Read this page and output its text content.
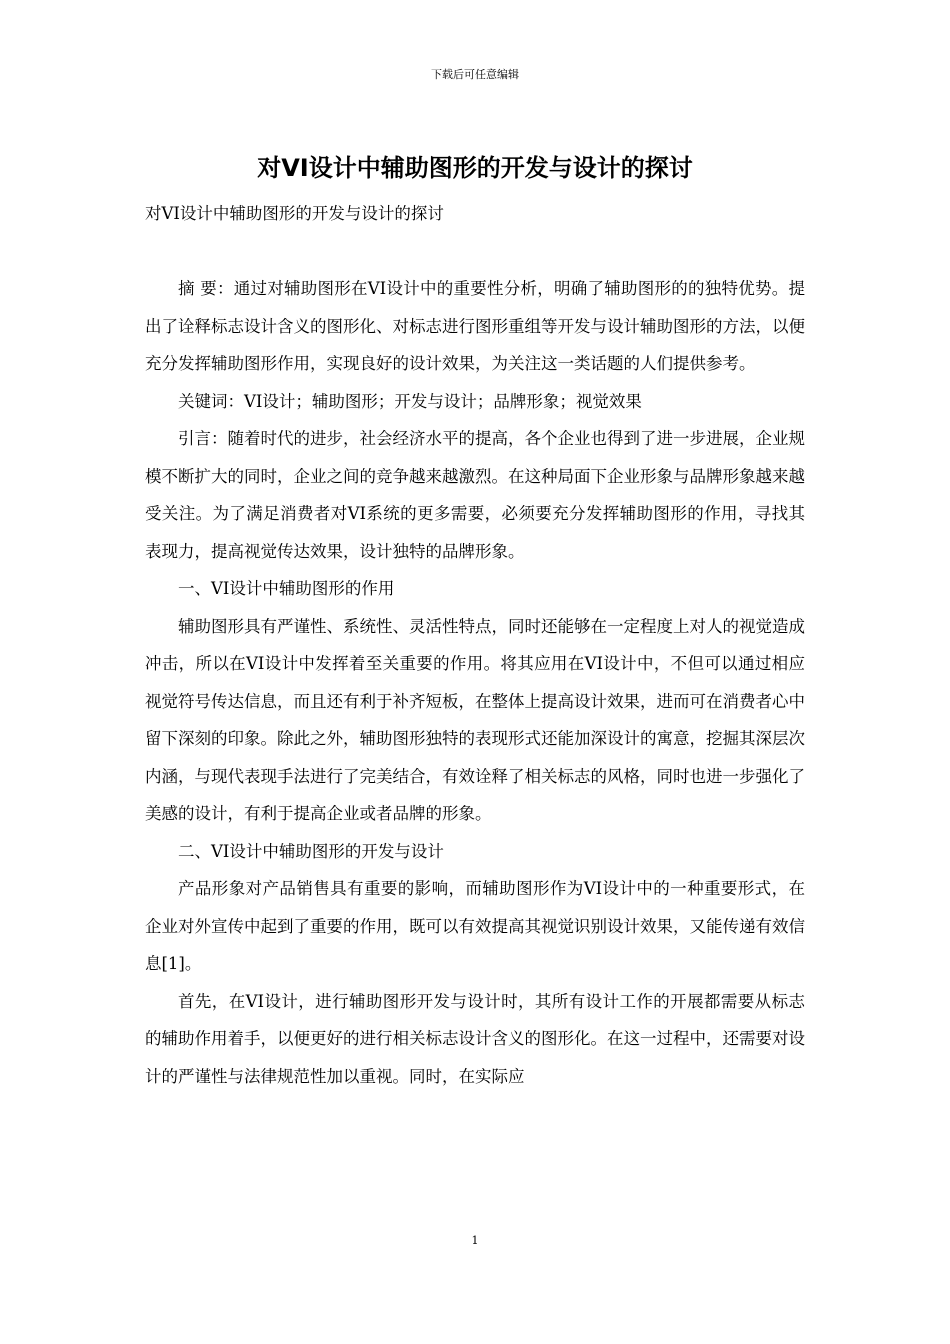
下载后可任意编辑
对VI设计中辅助图形的开发与设计的探讨

对VI设计中辅助图形的开发与设计的探讨

摘 要：通过对辅助图形在VI设计中的重要性分析，明确了辅助图形的的独特优势。提出了诠释标志设计含义的图形化、对标志进行图形重组等开发与设计辅助图形的方法，以便充分发挥辅助图形作用，实现良好的设计效果，为关注这一类话题的人们提供参考。

关键词：VI设计；辅助图形；开发与设计；品牌形象；视觉效果

引言：随着时代的进步，社会经济水平的提高，各个企业也得到了进一步进展，企业规模不断扩大的同时，企业之间的竞争越来越激烈。在这种局面下企业形象与品牌形象越来越受关注。为了满足消费者对VI系统的更多需要，必须要充分发挥辅助图形的作用，寻找其表现力，提高视觉传达效果，设计独特的品牌形象。

一、VI设计中辅助图形的作用

辅助图形具有严谨性、系统性、灵活性特点，同时还能够在一定程度上对人的视觉造成冲击，所以在VI设计中发挥着至关重要的作用。将其应用在VI设计中，不但可以通过相应视觉符号传达信息，而且还有利于补齐短板，在整体上提高设计效果，进而可在消费者心中留下深刻的印象。除此之外，辅助图形独特的表现形式还能加深设计的寓意，挖掘其深层次内涵，与现代表现手法进行了完美结合，有效诠释了相关标志的风格，同时也进一步强化了美感的设计，有利于提高企业或者品牌的形象。

二、VI设计中辅助图形的开发与设计

产品形象对产品销售具有重要的影响，而辅助图形作为VI设计中的一种重要形式，在企业对外宣传中起到了重要的作用，既可以有效提高其视觉识别设计效果，又能传递有效信息[1]。

首先，在VI设计，进行辅助图形开发与设计时，其所有设计工作的开展都需要从标志的辅助作用着手，以便更好的进行相关标志设计含义的图形化。在这一过程中，还需要对设计的严谨性与法律规范性加以重视。同时，在实际应

1
